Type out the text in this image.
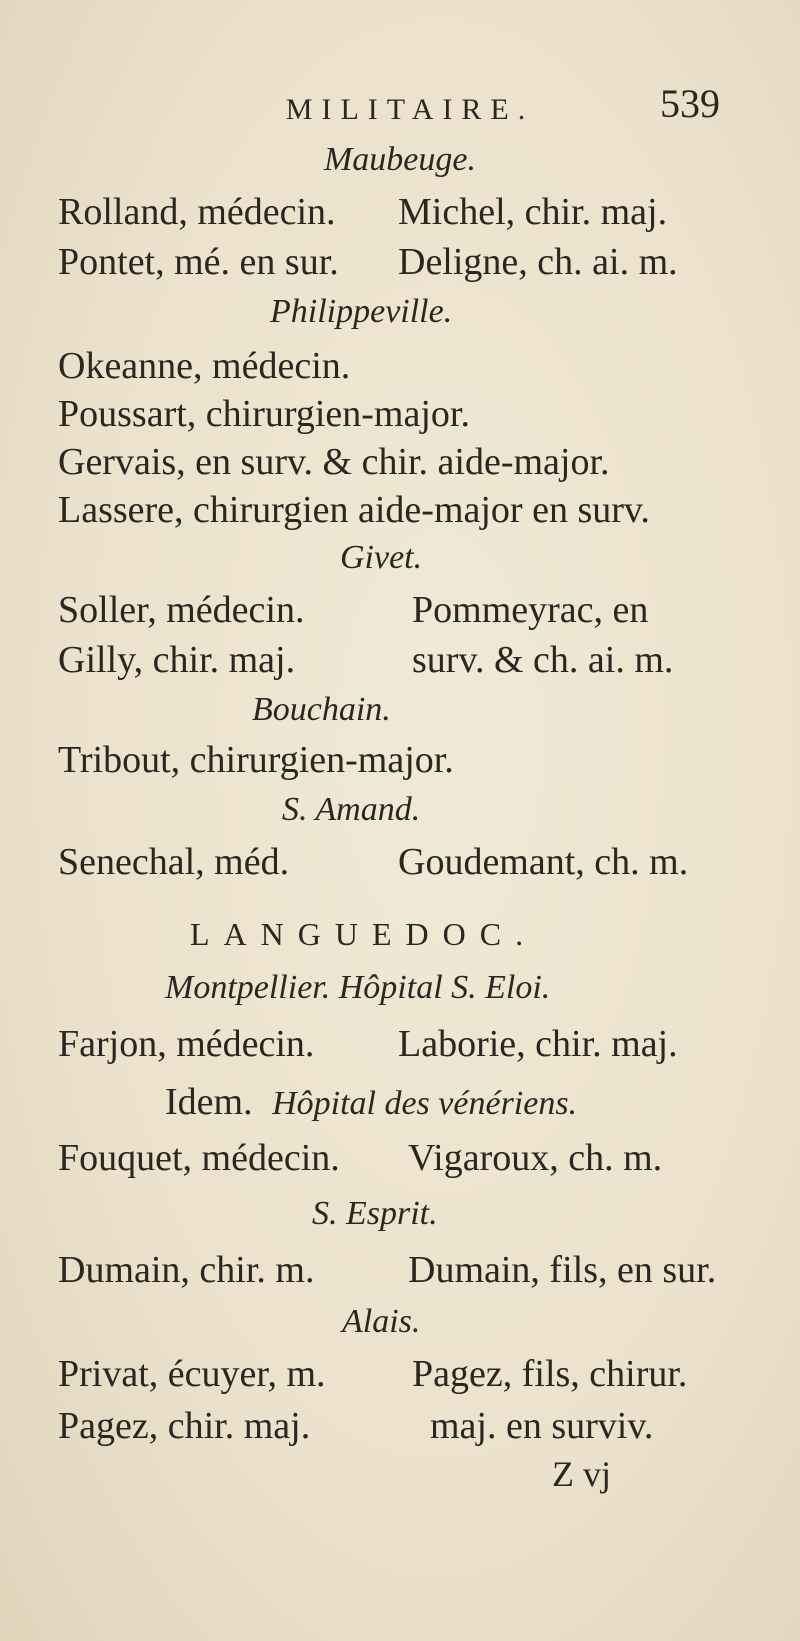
MILITAIRE.	539
Maubeuge.
Rolland, médecin. Michel, chir. maj.
Pontet, mé. en sur. Deligne, ch. ai. m.
Philippeville.
Okeanne, médecin.
Poussart, chirurgien-major.
Gervais, en surv. & chir. aide-major.
Lassere, chirurgien aide-major en surv.
Givet.
Soller, médecin.	Pommeyrac, en
Gilly, chir. maj.	surv. & ch. ai. m.
Bouchain.
Tribout, chirurgien-major.
S. Amand.
Senechal, méd.	Goudemant, ch. m.
LANGUEDOC.
Montpellier. Hôpital S. Eloi.
Farjon, médecin. Laborie, chir. maj.
Idem. Hôpital des vénériens.
Fouquet, médecin. Vigaroux, ch. m.
S. Esprit.
Dumain, chir. m. Dumain, fils, en sur.
Alais.
Privat, écuyer, m. Pagez, fils, chirur.
Pagez, chir. maj.	maj. en surviv.
Z vj
